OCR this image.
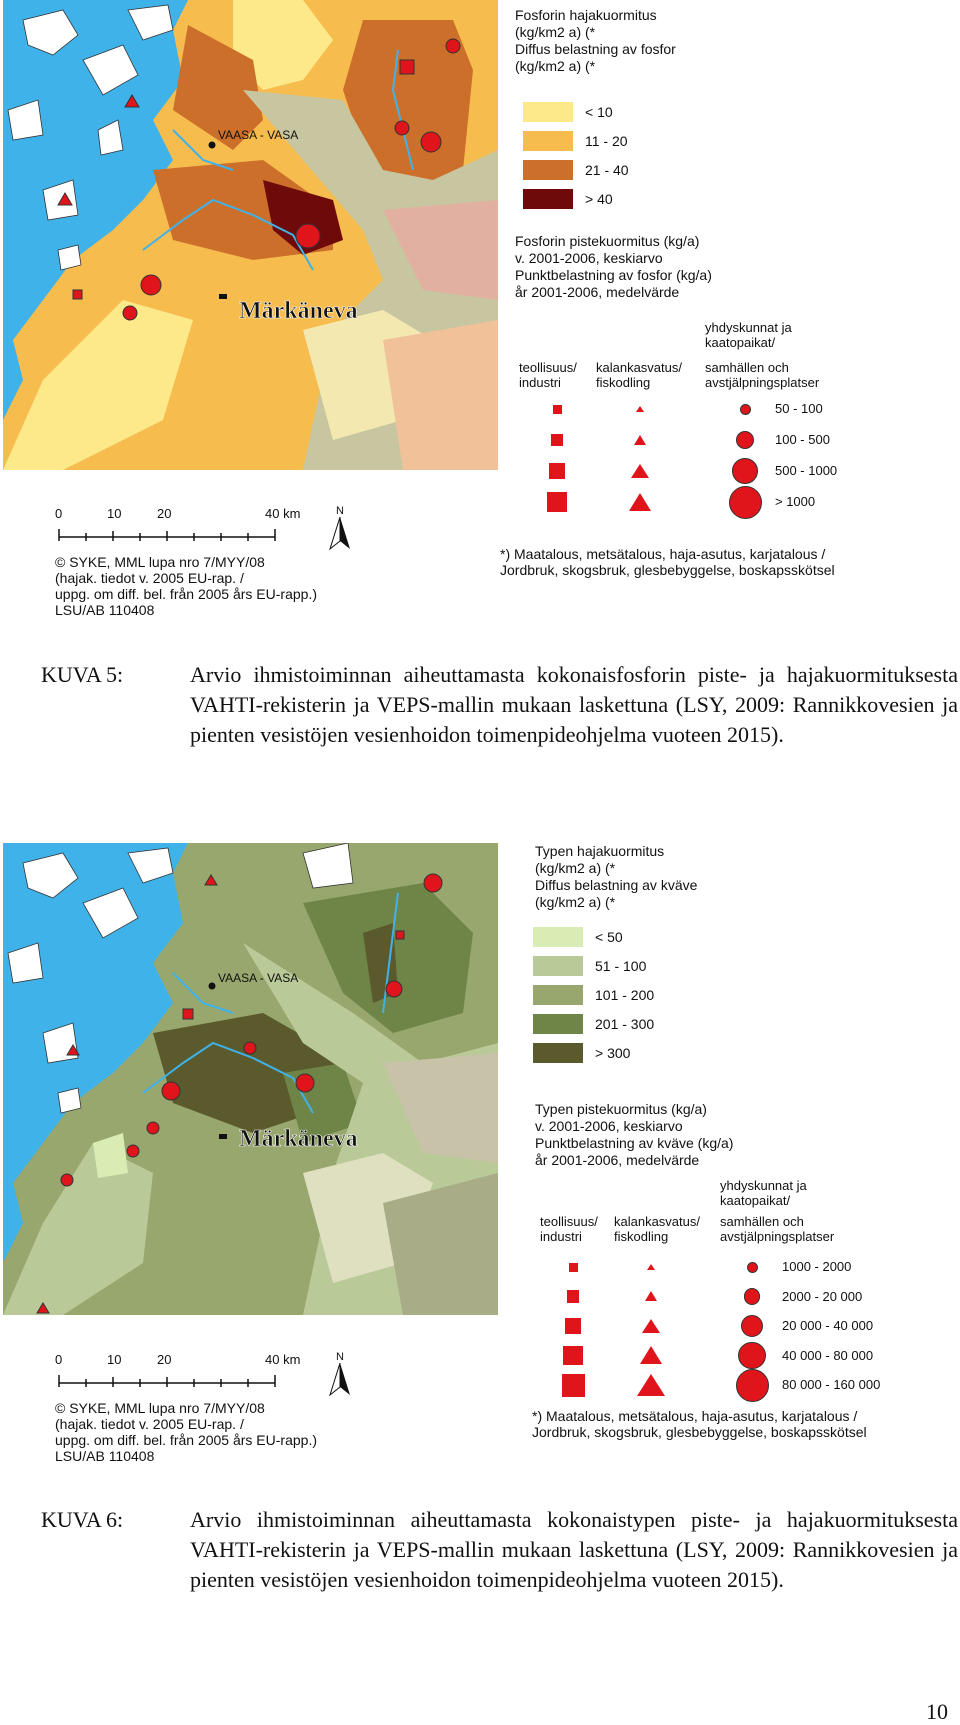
VAASA - VASA
Märkäneva
Fosforin hajakuormitus
(kg/km2 a) (*
Diffus belastning av fosfor
(kg/km2 a) (*
< 10
11 - 20
21 - 40
> 40
Fosforin pistekuormitus (kg/a)
v. 2001-2006, keskiarvo
Punktbelastning av fosfor (kg/a)
år 2001-2006, medelvärde
yhdyskunnat ja
kaatopaikat/
teollisuus/
industri
kalankasvatus/
fiskodling
samhällen och
avstjälpningsplatser
50 - 100
100 - 500
500 - 1000
> 1000
0	10	20	40 km	N
© SYKE, MML lupa nro 7/MYY/08
(hajak. tiedot v. 2005 EU-rap. /
uppg. om diff. bel. från 2005 års EU-rapp.)
LSU/AB 110408
*) Maatalous, metsätalous, haja-asutus, karjatalous /
Jordbruk, skogsbruk, glesbebyggelse, boskapsskötsel
KUVA 5:	Arvio ihmistoiminnan aiheuttamasta kokonaisfosforin piste- ja hajakuormituksesta VAHTI-rekisterin ja VEPS-mallin mukaan laskettuna (LSY, 2009: Rannikkovesien ja pienten vesistöjen vesienhoidon toimenpideohjelma vuoteen 2015).
VAASA - VASA
Märkäneva
Typen hajakuormitus
(kg/km2 a) (*
Diffus belastning av kväve
(kg/km2 a) (*
< 50
51 - 100
101 - 200
201 - 300
> 300
Typen pistekuormitus (kg/a)
v. 2001-2006, keskiarvo
Punktbelastning av kväve (kg/a)
år 2001-2006, medelvärde
yhdyskunnat ja
kaatopaikat/
teollisuus/
industri
kalankasvatus/
fiskodling
samhällen och
avstjälpningsplatser
1000 - 2000
2000 - 20 000
20 000 - 40 000
40 000 - 80 000
80 000 - 160 000
0	10	20	40 km	N
© SYKE, MML lupa nro 7/MYY/08
(hajak. tiedot v. 2005 EU-rap. /
uppg. om diff. bel. från 2005 års EU-rapp.)
LSU/AB 110408
*) Maatalous, metsätalous, haja-asutus, karjatalous /
Jordbruk, skogsbruk, glesbebyggelse, boskapsskötsel
KUVA 6:	Arvio ihmistoiminnan aiheuttamasta kokonaistypen piste- ja hajakuormituksesta VAHTI-rekisterin ja VEPS-mallin mukaan laskettuna (LSY, 2009: Rannikkovesien ja pienten vesistöjen vesienhoidon toimenpideohjelma vuoteen 2015).
10
